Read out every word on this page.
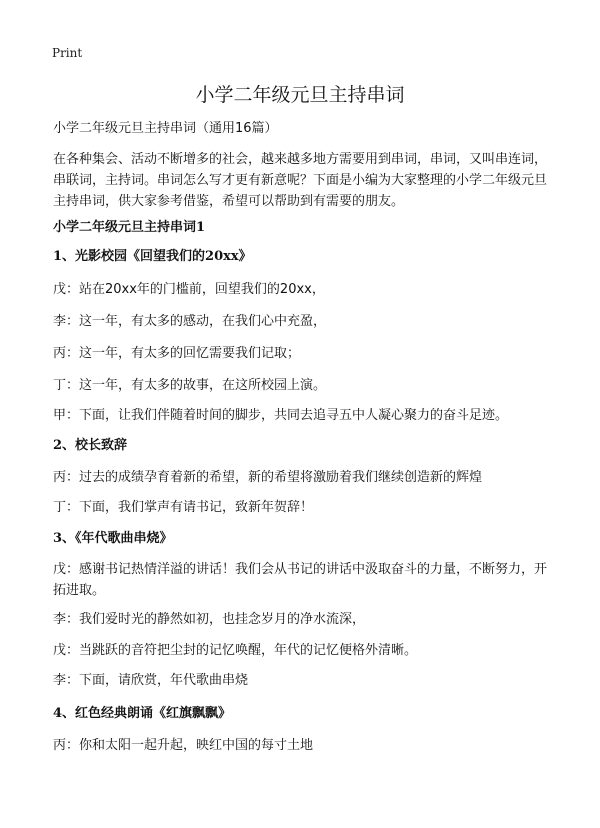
Print
小学二年级元旦主持串词
小学二年级元旦主持串词（通用16篇）
在各种集会、活动不断增多的社会，越来越多地方需要用到串词，串词，又叫串连词，串联词，主持词。串词怎么写才更有新意呢？下面是小编为大家整理的小学二年级元旦主持串词，供大家参考借鉴，希望可以帮助到有需要的朋友。
小学二年级元旦主持串词1
1、光影校园《回望我们的20xx》
戊：站在20xx年的门槛前，回望我们的20xx，
李：这一年，有太多的感动，在我们心中充盈，
丙：这一年，有太多的回忆需要我们记取；
丁：这一年，有太多的故事，在这所校园上演。
甲：下面，让我们伴随着时间的脚步，共同去追寻五中人凝心聚力的奋斗足迹。
2、校长致辞
丙：过去的成绩孕育着新的希望，新的希望将激励着我们继续创造新的辉煌
丁：下面，我们掌声有请书记，致新年贺辞！
3、《年代歌曲串烧》
戊：感谢书记热情洋溢的讲话！我们会从书记的讲话中汲取奋斗的力量，不断努力，开拓进取。
李：我们爱时光的静然如初，也挂念岁月的净水流深，
戊：当跳跃的音符把尘封的记忆唤醒，年代的记忆便格外清晰。
李：下面，请欣赏，年代歌曲串烧
4、红色经典朗诵《红旗飘飘》
丙：你和太阳一起升起，映红中国的每寸土地
